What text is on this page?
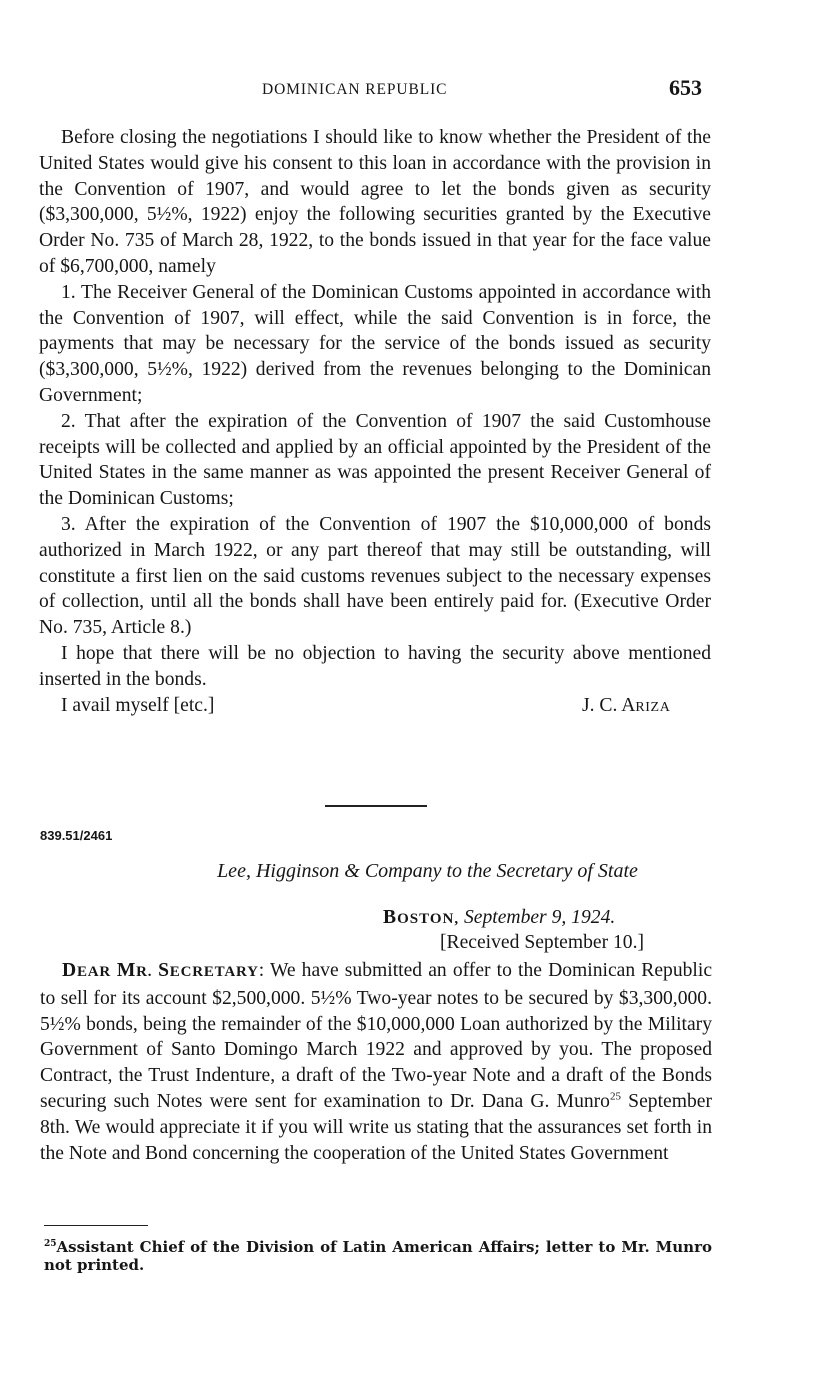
DOMINICAN REPUBLIC	653

Before closing the negotiations I should like to know whether the President of the United States would give his consent to this loan in accordance with the provision in the Convention of 1907, and would agree to let the bonds given as security ($3,300,000, 5½%, 1922) enjoy the following securities granted by the Executive Order No. 735 of March 28, 1922, to the bonds issued in that year for the face value of $6,700,000, namely

1. The Receiver General of the Dominican Customs appointed in accordance with the Convention of 1907, will effect, while the said Convention is in force, the payments that may be necessary for the service of the bonds issued as security ($3,300,000, 5½%, 1922) derived from the revenues belonging to the Dominican Government;

2. That after the expiration of the Convention of 1907 the said Customhouse receipts will be collected and applied by an official appointed by the President of the United States in the same manner as was appointed the present Receiver General of the Dominican Customs;

3. After the expiration of the Convention of 1907 the $10,000,000 of bonds authorized in March 1922, or any part thereof that may still be outstanding, will constitute a first lien on the said customs revenues subject to the necessary expenses of collection, until all the bonds shall have been entirely paid for. (Executive Order No. 735, Article 8.)

I hope that there will be no objection to having the security above mentioned inserted in the bonds.

I avail myself [etc.]	J. C. ARIZA
839.51/2461
Lee, Higginson & Company to the Secretary of State
BOSTON, September 9, 1924.
[Received September 10.]

DEAR MR. SECRETARY: We have submitted an offer to the Dominican Republic to sell for its account $2,500,000. 5½% Two-year notes to be secured by $3,300,000. 5½% bonds, being the remainder of the $10,000,000 Loan authorized by the Military Government of Santo Domingo March 1922 and approved by you. The proposed Contract, the Trust Indenture, a draft of the Two-year Note and a draft of the Bonds securing such Notes were sent for examination to Dr. Dana G. Munro$^{25}$ September 8th. We would appreciate it if you will write us stating that the assurances set forth in the Note and Bond concerning the cooperation of the United States Government

$^{25}$Assistant Chief of the Division of Latin American Affairs; letter to Mr. Munro not printed.
